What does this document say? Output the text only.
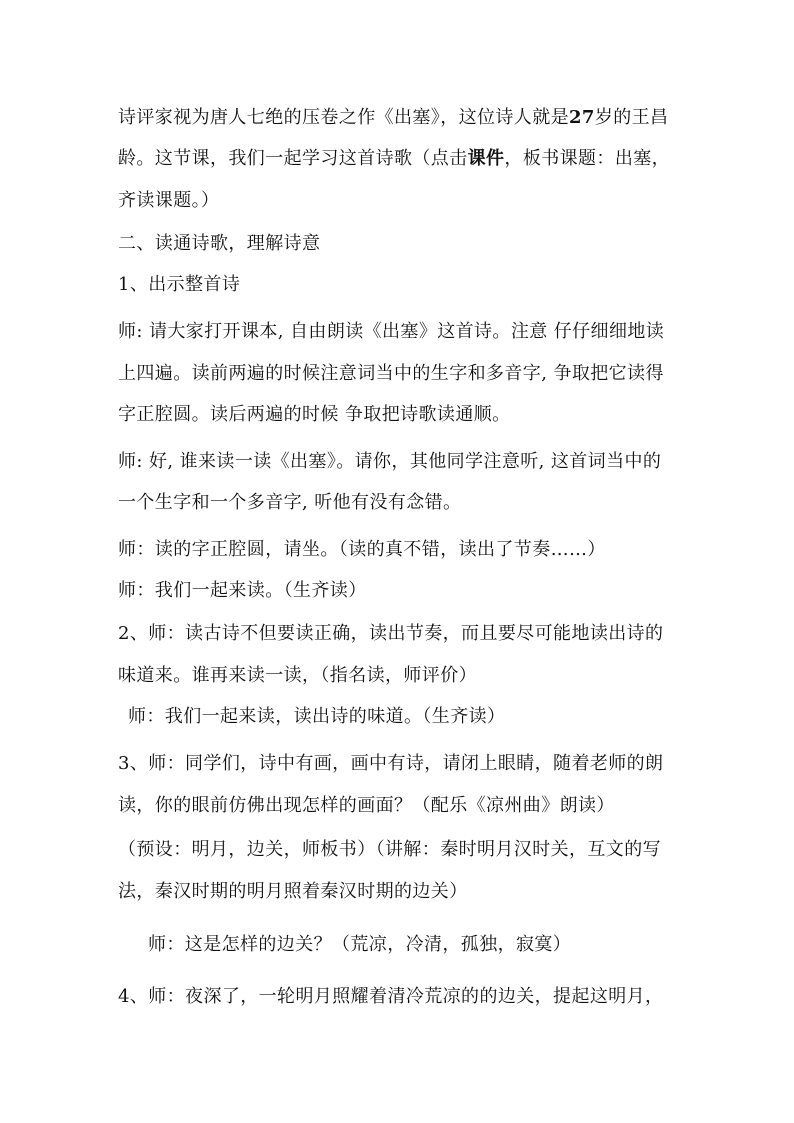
诗评家视为唐人七绝的压卷之作《出塞》，这位诗人就是27岁的王昌

龄。这节课，我们一起学习这首诗歌（点击课件，板书课题：出塞，

齐读课题。）

二、读通诗歌，理解诗意

1、出示整首诗

师: 请大家打开课本, 自由朗读《出塞》这首诗。注意 仔仔细细地读

上四遍。读前两遍的时候注意词当中的生字和多音字, 争取把它读得

字正腔圆。读后两遍的时候 争取把诗歌读通顺。

师: 好, 谁来读一读《出塞》。请你，其他同学注意听, 这首词当中的

一个生字和一个多音字, 听他有没有念错。

师：读的字正腔圆，请坐。（读的真不错，读出了节奏……）

师：我们一起来读。（生齐读）

2、师：读古诗不但要读正确，读出节奏，而且要尽可能地读出诗的

味道来。谁再来读一读，（指名读，师评价）

师：我们一起来读，读出诗的味道。（生齐读）

3、师：同学们，诗中有画，画中有诗，请闭上眼睛，随着老师的朗

读，你的眼前仿佛出现怎样的画面？（配乐《凉州曲》朗读）

（预设：明月，边关，师板书）（讲解：秦时明月汉时关，互文的写

法，秦汉时期的明月照着秦汉时期的边关）

师：这是怎样的边关？（荒凉，冷清，孤独，寂寞）

4、师：夜深了，一轮明月照耀着清冷荒凉的的边关，提起这明月，
